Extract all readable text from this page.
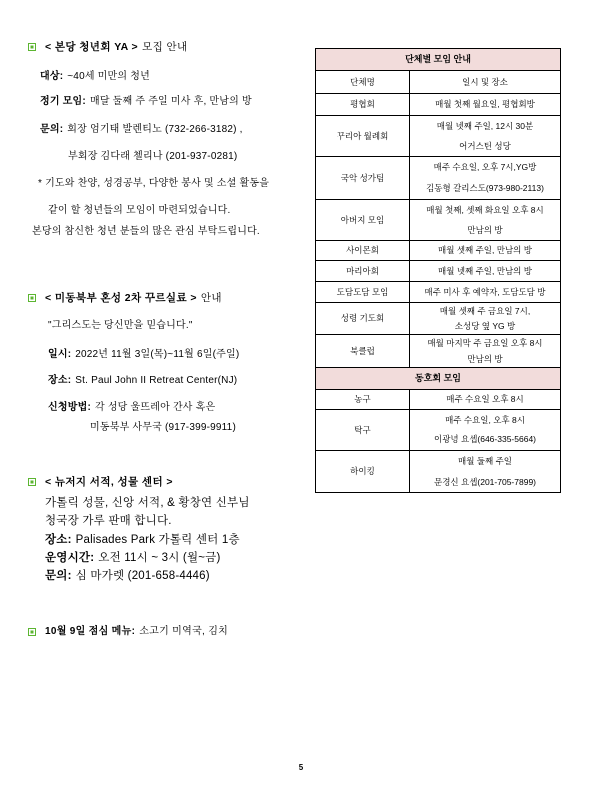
< 본당 청년회 YA > 모집 안내
대상: ~40세 미만의 청년
정기 모임: 매달 둘째 주 주일 미사 후, 만남의 방
문의: 회장 엄기태 발렌티노 (732-266-3182) ,
부회장 김다래 첼리나 (201-937-0281)
* 기도와 찬양, 성경공부, 다양한 봉사 및 소셜 활동을
같이 할 청년들의 모임이 마련되었습니다.
본당의 참신한 청년 분들의 많은 관심 부탁드립니다.
< 미동북부 혼성 2차 꾸르실료 > 안내
"그리스도는 당신만을 믿습니다."
일시: 2022년 11월 3일(목)~11월 6일(주일)
장소: St. Paul John II Retreat Center(NJ)
신청방법: 각 성당 울뜨레아 간사 혹은
미동북부 사무국 (917-399-9911)
< 뉴저지 서적, 성물 센터 >
가톨릭 성물, 신앙 서적, & 황창연 신부님
청국장 가루 판매 합니다.
장소: Palisades Park 가톨릭 센터 1층
운영시간: 오전 11시 ~ 3시 (월~금)
문의: 심 마가렛 (201-658-4446)
10월 9일 점심 메뉴: 소고기 미역국, 김치
단체별 모임 안내	
단체명	일시 및 장소
평협회	매월 첫째 월요일, 평협회방

꾸리아 월례회	매월 넷째 주일, 12시 30분
어거스틴 성당

국악 성가팀	매주 수요일, 오후 7시,YG방
김동형 갈리스도(973-980-2113)

아버지 모임	매월 첫째, 셋째 화요일 오후 8시
만남의 방

사이몬회	매월 셋째 주일, 만남의 방

마리아회	매월 넷째 주일, 만남의 방

도담도담 모임	매주 미사 후 예약자, 도담도담 방

성령 기도회	매월 셋째 주 금요일 7시,
소성당 옆 YG 방

북클럽	매월 마지막 주 금요일 오후 8시
만남의 방

동호회 모임	
농구	매주 수요일 오후 8시

탁구	매주 수요일, 오후 8시
이광녕 요셉(646-335-5664)

하이킹	매월 둘째 주일
문경신 요셉(201-705-7899)
5
